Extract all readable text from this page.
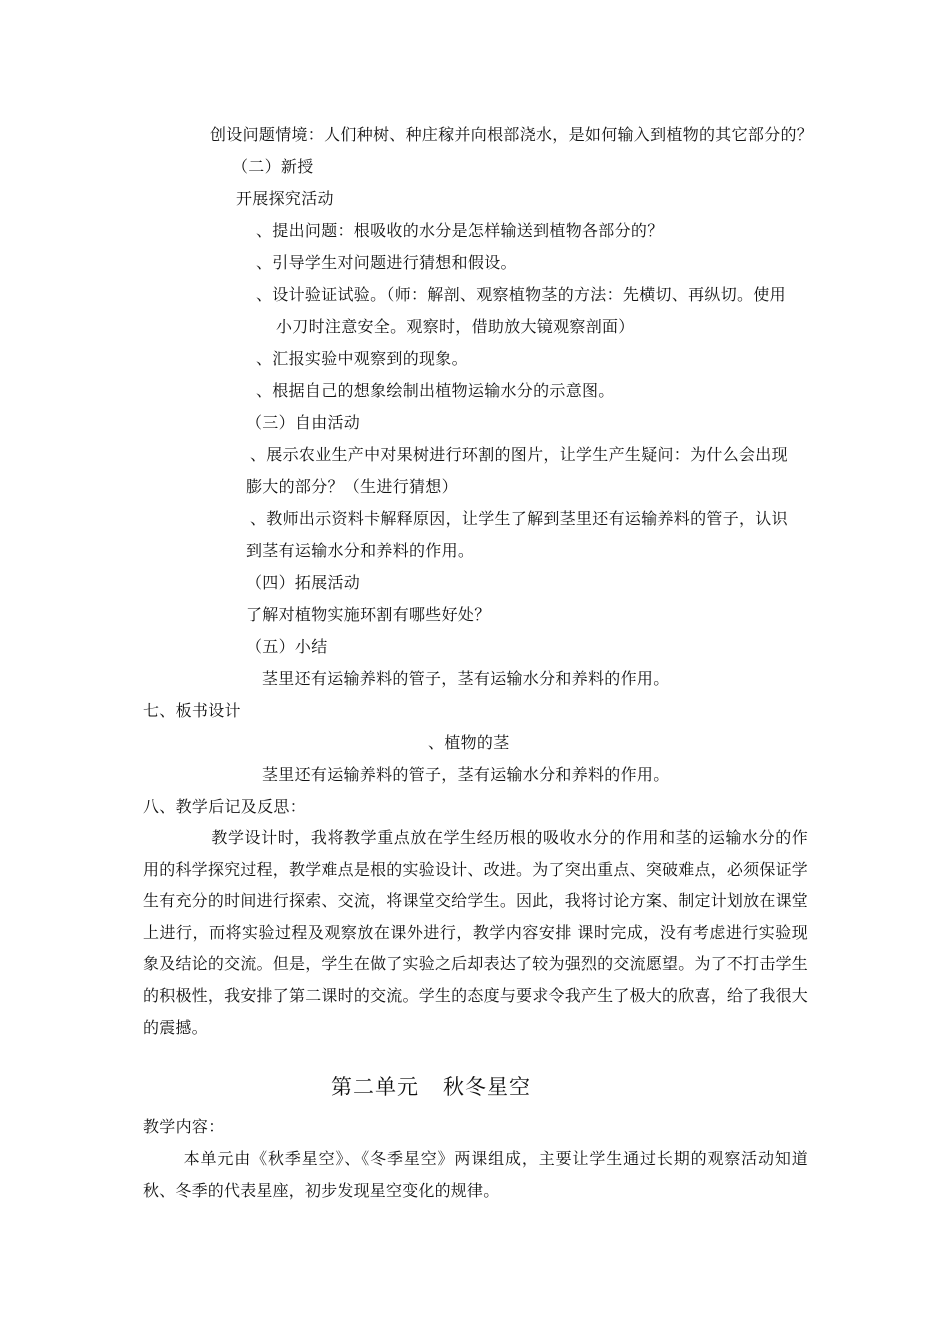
创设问题情境：人们种树、种庄稼并向根部浇水，是如何输入到植物的其它部分的？
（二）新授
开展探究活动
、提出问题：根吸收的水分是怎样输送到植物各部分的？
、引导学生对问题进行猜想和假设。
、设计验证试验。（师：解剖、观察植物茎的方法：先横切、再纵切。使用
小刀时注意安全。观察时，借助放大镜观察剖面）
、汇报实验中观察到的现象。
、根据自己的想象绘制出植物运输水分的示意图。
（三）自由活动
、展示农业生产中对果树进行环割的图片，让学生产生疑问：为什么会出现
膨大的部分？（生进行猜想）
、教师出示资料卡解释原因，让学生了解到茎里还有运输养料的管子，认识
到茎有运输水分和养料的作用。
（四）拓展活动
了解对植物实施环割有哪些好处？
（五）小结
茎里还有运输养料的管子，茎有运输水分和养料的作用。
七、板书设计
、植物的茎
茎里还有运输养料的管子，茎有运输水分和养料的作用。
八、教学后记及反思：
教学设计时，我将教学重点放在学生经历根的吸收水分的作用和茎的运输水分的作用的科学探究过程，教学难点是根的实验设计、改进。为了突出重点、突破难点，必须保证学生有充分的时间进行探索、交流，将课堂交给学生。因此，我将讨论方案、制定计划放在课堂上进行，而将实验过程及观察放在课外进行，教学内容安排 课时完成，没有考虑进行实验现象及结论的交流。但是，学生在做了实验之后却表达了较为强烈的交流愿望。为了不打击学生的积极性，我安排了第二课时的交流。学生的态度与要求令我产生了极大的欣喜，给了我很大的震撼。
第二单元 秋冬星空
教学内容：
本单元由《秋季星空》、《冬季星空》两课组成，主要让学生通过长期的观察活动知道秋、冬季的代表星座，初步发现星空变化的规律。
